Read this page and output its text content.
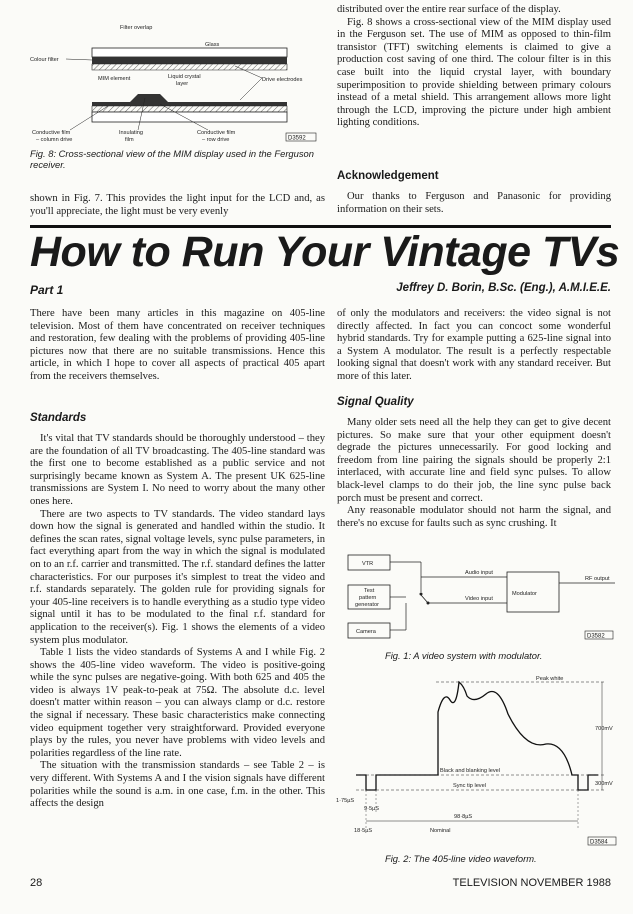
Filter overlap
Glass
Colour filter
MIM element	Liquid crystal
layer
Drive electrodes
Conductive film
– column drive
Insulating
film
Conductive film
– row drive	D3592
Fig. 8: Cross-sectional view of the MIM display used in the Ferguson receiver.
shown in Fig. 7. This provides the light input for the LCD and, as you'll appreciate, the light must be very evenly

distributed over the entire rear surface of the display.

Fig. 8 shows a cross-sectional view of the MIM display used in the Ferguson set. The use of MIM as opposed to thin-film transistor (TFT) switching elements is claimed to give a production cost saving of one third. The colour filter is in this case built into the liquid crystal layer, with boundary superimposition to provide shielding between primary colours instead of a metal shield. This arrangement allows more light through the LCD, improving the picture under high ambient lighting conditions.

Acknowledgement

Our thanks to Ferguson and Panasonic for providing information on their sets.

How to Run Your Vintage TVs
Part 1	Jeffrey D. Borin, B.Sc. (Eng.), A.M.I.E.E.

There have been many articles in this magazine on 405-line television. Most of them have concentrated on receiver techniques and restoration, few dealing with the problems of providing 405-line pictures now that there are no suitable transmissions. Hence this article, in which I hope to cover all aspects of practical 405 apart from the receivers themselves.

Standards

It's vital that TV standards should be thoroughly understood – they are the foundation of all TV broadcasting. The 405-line standard was the first one to become established as a public service and not surprisingly became known as System A. The present UK 625-line transmissions are System I. No need to worry about the many other ones here.

There are two aspects to TV standards. The video standard lays down how the signal is generated and handled within the studio. It defines the scan rates, signal voltage levels, sync pulse parameters, in fact everything apart from the way in which the signal is modulated on to an r.f. carrier and transmitted. The r.f. standard defines the latter characteristics. For our purposes it's simplest to treat the video and r.f. standards separately. The golden rule for providing signals for your 405-line receivers is to handle everything as a studio type video signal until it has to be modulated to the final r.f. standard for application to the receiver(s). Fig. 1 shows the elements of a video system plus modulator.

Table 1 lists the video standards of Systems A and I while Fig. 2 shows the 405-line video waveform. The video is positive-going while the sync pulses are negative-going. With both 625 and 405 the video is always 1V peak-to-peak at 75Ω. The absolute d.c. level doesn't matter within reason – you can always clamp or d.c. restore the signal if necessary. These basic characteristics make connecting video equipment together very straightforward. Provided everyone plays by the rules, you never have problems with video levels and polarities regardless of the line rate.

The situation with the transmission standards – see Table 2 – is very different. With Systems A and I the vision signals have different polarities while the sound is a.m. in one case, f.m. in the other. This affects the design

of only the modulators and receivers: the video signal is not directly affected. In fact you can concoct some wonderful hybrid standards. Try for example putting a 625-line signal into a System A modulator. The result is a perfectly respectable looking signal that doesn't work with any standard receiver. But more of this later.

Signal Quality

Many older sets need all the help they can get to give decent pictures. So make sure that your other equipment doesn't degrade the pictures unnecessarily. For good locking and freedom from line pairing the signals should be properly 2:1 interlaced, with accurate line and field sync pulses. To allow black-level clamps to do their job, the line sync pulse back porch must be present and correct.

Any reasonable modulator should not harm the signal, and there's no excuse for faults such as sync crushing. It

VTR
Test
pattern
generator
Camera
Modulator
Audio input
Video input
RF output
D3582
Fig. 1: A video system with modulator.
Peak white
Black and blanking level
Sync tip level
700mV
300mV
1·75µS
9·5µS
98·8µS
18·5µS	Nominal
D3584
Fig. 2: The 405-line video waveform.
28	TELEVISION NOVEMBER 1988
